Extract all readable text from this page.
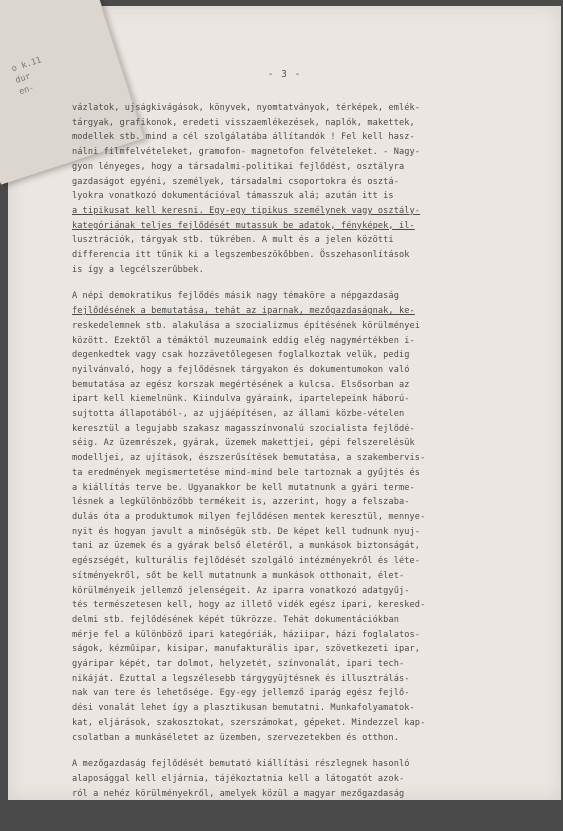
o k.11
dur
en-
- 3 -

vázlatok, ujságkivágások, könyvek, nyomtatványok, térképek, emlék-
tárgyak, grafikonok, eredeti visszaemlékezések, naplók, makettek,
modellek stb. mind a cél szolgálatába állítandók ! Fel kell hasz-
nálni filmfelvételeket, gramofon- magnetofon felvételeket. - Nagy-
gyon lényeges, hogy a társadalmi-politikai fejlődést, osztályra
gazdaságot egyéni, személyek, társadalmi csoportokra és osztá-
lyokra vonatkozó dokumentációval támasszuk alá; azután itt is
a tipikusat kell keresni. Egy-egy tipikus személynek vagy osztály-
kategóriának teljes fejlődését mutassuk be adatok, fényképek, il-
lusztrációk, tárgyak stb. tükrében. A mult és a jelen közötti
differencia itt tűnik ki a legszembeszökőbben. Összehasonlítások
is így a legcélszerűbbek.

A népi demokratikus fejlődés másik nagy témaköre a népgazdaság
fejlődésének a bemutatása, tehát az iparnak, mezőgazdaságnak, ke-
reskedelemnek stb. alakulása a szocializmus építésének körülményei
között. Ezektől a témáktól muzeumaink eddig elég nagymértékben i-
degenkedtek vagy csak hozzávetőlegesen foglalkoztak velük, pedig
nyilvánvaló, hogy a fejlődésnek tárgyakon és dokumentumokon való
bemutatása az egész korszak megértésének a kulcsa. Elsősorban az
ipart kell kiemelnünk. Kiindulva gyáraink, ipartelepeink háború-
sujtotta állapotából-, az ujjáépítésen, az állami közbe-vételen
keresztül a legujabb szakasz magasszínvonalú szocialista fejlődé-
séig. Az üzemrészek, gyárak, üzemek makettjei, gépi felszerelésük
modelljei, az ujítások, észszerűsítések bemutatása, a szakembervis-
ta eredmények megismertetése mind-mind bele tartoznak a gyűjtés és
a kiállítás terve be. Ugyanakkor be kell mutatnunk a gyári terme-
lésnek a legkülönbözőbb termékeit is, azzerint, hogy a felszaba-
dulás óta a produktumok milyen fejlődésen mentek keresztül, mennye-
nyit és hogyan javult a minőségük stb. De képet kell tudnunk nyuj-
tani az üzemek és a gyárak belső életéről, a munkások biztonságát,
egészségét, kulturális fejlődését szolgáló intézményekről és léte-
sítményekről, sőt be kell mutatnunk a munkások otthonait, élet-
körülményeik jellemző jelenségeit. Az iparra vonatkozó adatgyűj-
tés természetesen kell, hogy az illető vidék egész ipari, keresked-
delmi stb. fejlődésének képét tükrözze. Tehát dokumentációkban
mérje fel a különböző ipari kategóriák, háziipar, házi foglalatos-
ságok, kézműipar, kisipar, manufakturális ipar, szövetkezeti ipar,
gyáripar képét, tar dolmot, helyzetét, színvonalát, ipari tech-
nikáját. Ezuttal a legszélesebb tárgygyüjtésnek és illusztrálás-
nak van tere és lehetősége. Egy-egy jellemző iparág egész fejlő-
dési vonalát lehet így a plasztikusan bemutatni. Munkafolyamatok-
kat, eljárások, szakosztokat, szerszámokat, gépeket. Mindezzel kap-
csolatban a munkáséletet az üzemben, szervezetekben és otthon.

A mezőgazdaság fejlődését bemutató kiállítási részlegnek hasonló
alaposággal kell eljárnia, tájékoztatnia kell a látogatót azok-
ról a nehéz körülményekről, amelyek közül a magyar mezőgazdaság
1945-ben elindult, a földreform eredményeiről, a dolgozó paraszt-
ságnak a korszakban elért sikereiről, a termelőszövetkezeti mozga-
